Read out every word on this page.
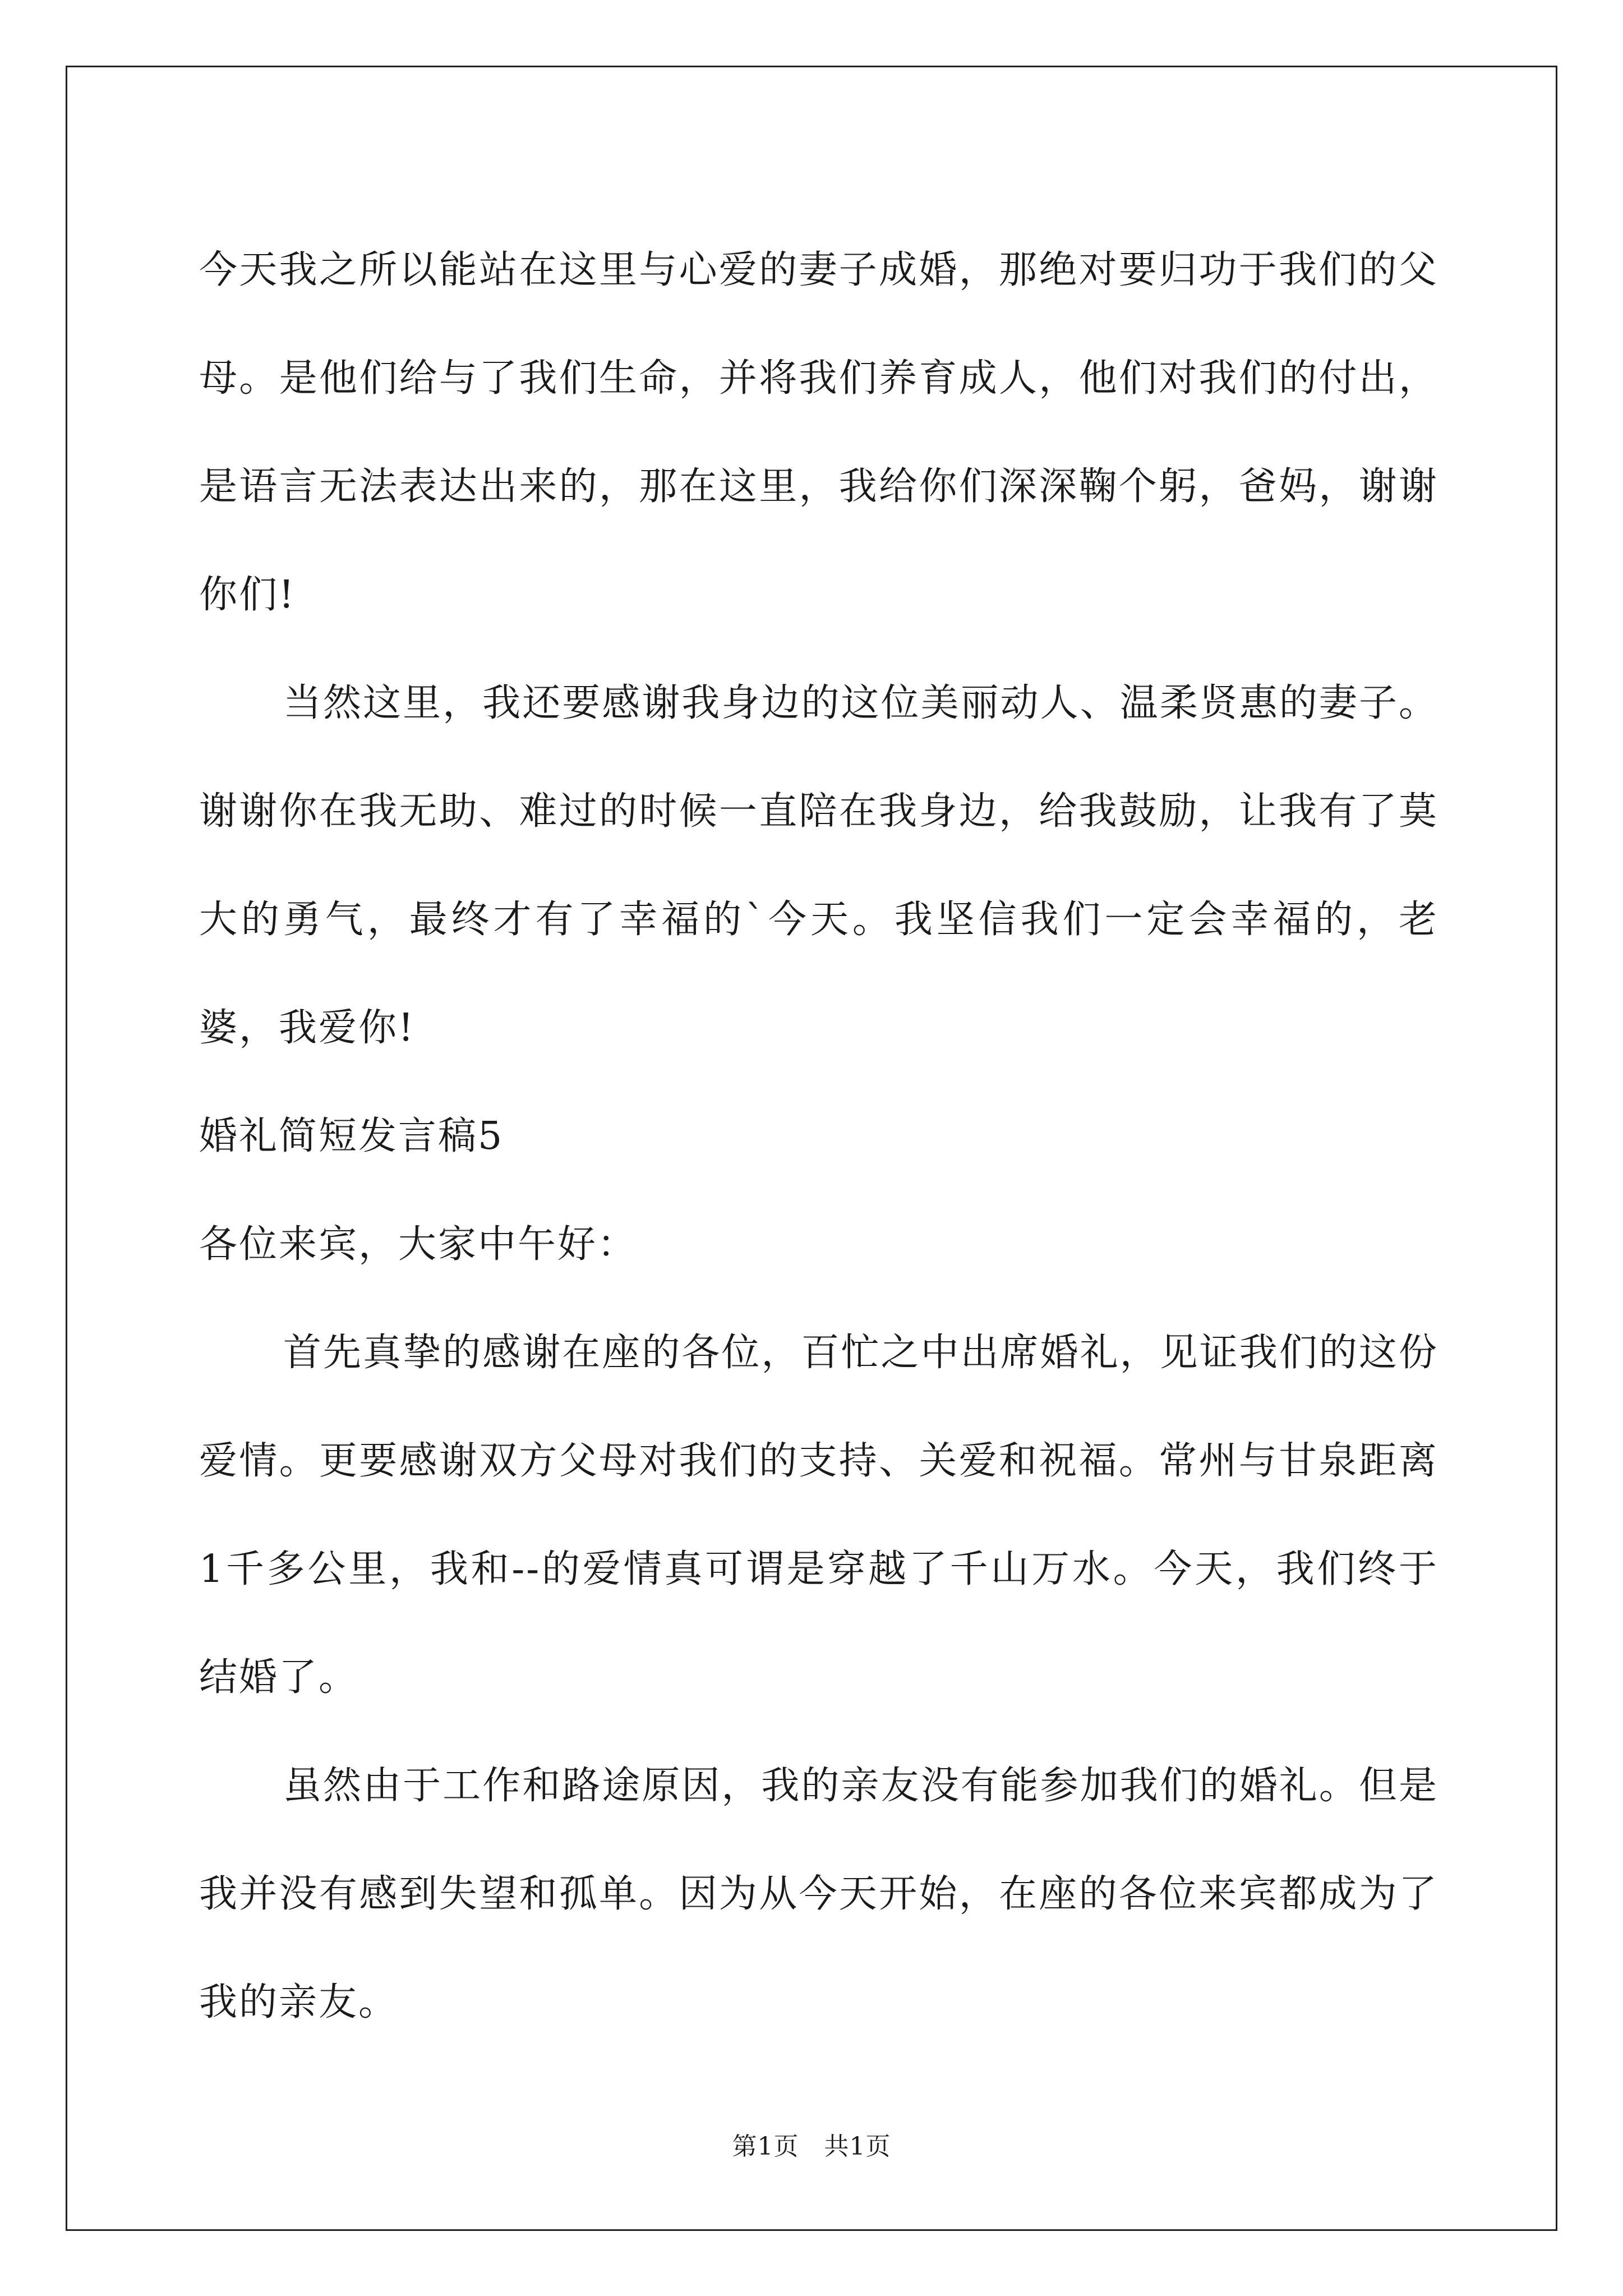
今天我之所以能站在这里与心爱的妻子成婚，那绝对要归功于我们的父母。是他们给与了我们生命，并将我们养育成人，他们对我们的付出，是语言无法表达出来的，那在这里，我给你们深深鞠个躬，爸妈，谢谢你们!

当然这里，我还要感谢我身边的这位美丽动人、温柔贤惠的妻子。谢谢你在我无助、难过的时候一直陪在我身边，给我鼓励，让我有了莫大的勇气，最终才有了幸福的`今天。我坚信我们一定会幸福的，老婆，我爱你!

婚礼简短发言稿5

各位来宾，大家中午好：

首先真挚的感谢在座的各位，百忙之中出席婚礼，见证我们的这份爱情。更要感谢双方父母对我们的支持、关爱和祝福。常州与甘泉距离1千多公里，我和--的爱情真可谓是穿越了千山万水。今天，我们终于结婚了。

虽然由于工作和路途原因，我的亲友没有能参加我们的婚礼。但是我并没有感到失望和孤单。因为从今天开始，在座的各位来宾都成为了我的亲友。

第1页　共1页
